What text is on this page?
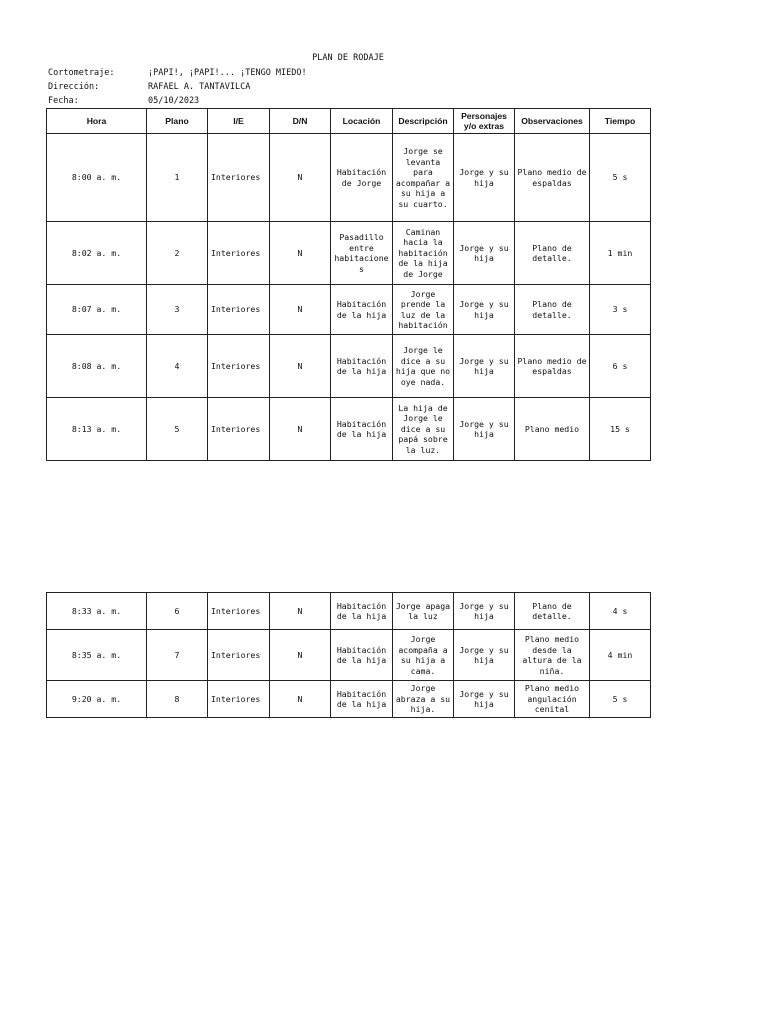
PLAN DE RODAJE
Cortometraje:	¡PAPI!, ¡PAPI!... ¡TENGO MIEDO!
Dirección:	RAFAEL A. TANTAVILCA
Fecha:	05/10/2023
Hora	Plano	I/E	D/N	Locación	Descripción	Personajes y/o extras	Observaciones	Tiempo
8:00 a. m.	1	Interiores	N	Habitación de Jorge	Jorge se levanta para acompañar a su hija a su cuarto.	Jorge y su hija	Plano medio de espaldas	5 s
8:02 a. m.	2	Interiores	N	Pasadillo entre habitaciones	Caminan hacia la habitación de la hija de Jorge	Jorge y su hija	Plano de detalle.	1 min
8:07 a. m.	3	Interiores	N	Habitación de la hija	Jorge prende la luz de la habitación	Jorge y su hija	Plano de detalle.	3 s
8:08 a. m.	4	Interiores	N	Habitación de la hija	Jorge le dice a su hija que no oye nada.	Jorge y su hija	Plano medio de espaldas	6 s
8:13 a. m.	5	Interiores	N	Habitación de la hija	La hija de Jorge le dice a su papá sobre la luz.	Jorge y su hija	Plano medio	15 s
8:33 a. m.	6	Interiores	N	Habitación de la hija	Jorge apaga la luz	Jorge y su hija	Plano de detalle.	4 s
8:35 a. m.	7	Interiores	N	Habitación de la hija	Jorge acompaña a su hija a cama.	Jorge y su hija	Plano medio desde la altura de la niña.	4 min
9:20 a. m.	8	Interiores	N	Habitación de la hija	Jorge abraza a su hija.	Jorge y su hija	Plano medio angulación cenital	5 s
